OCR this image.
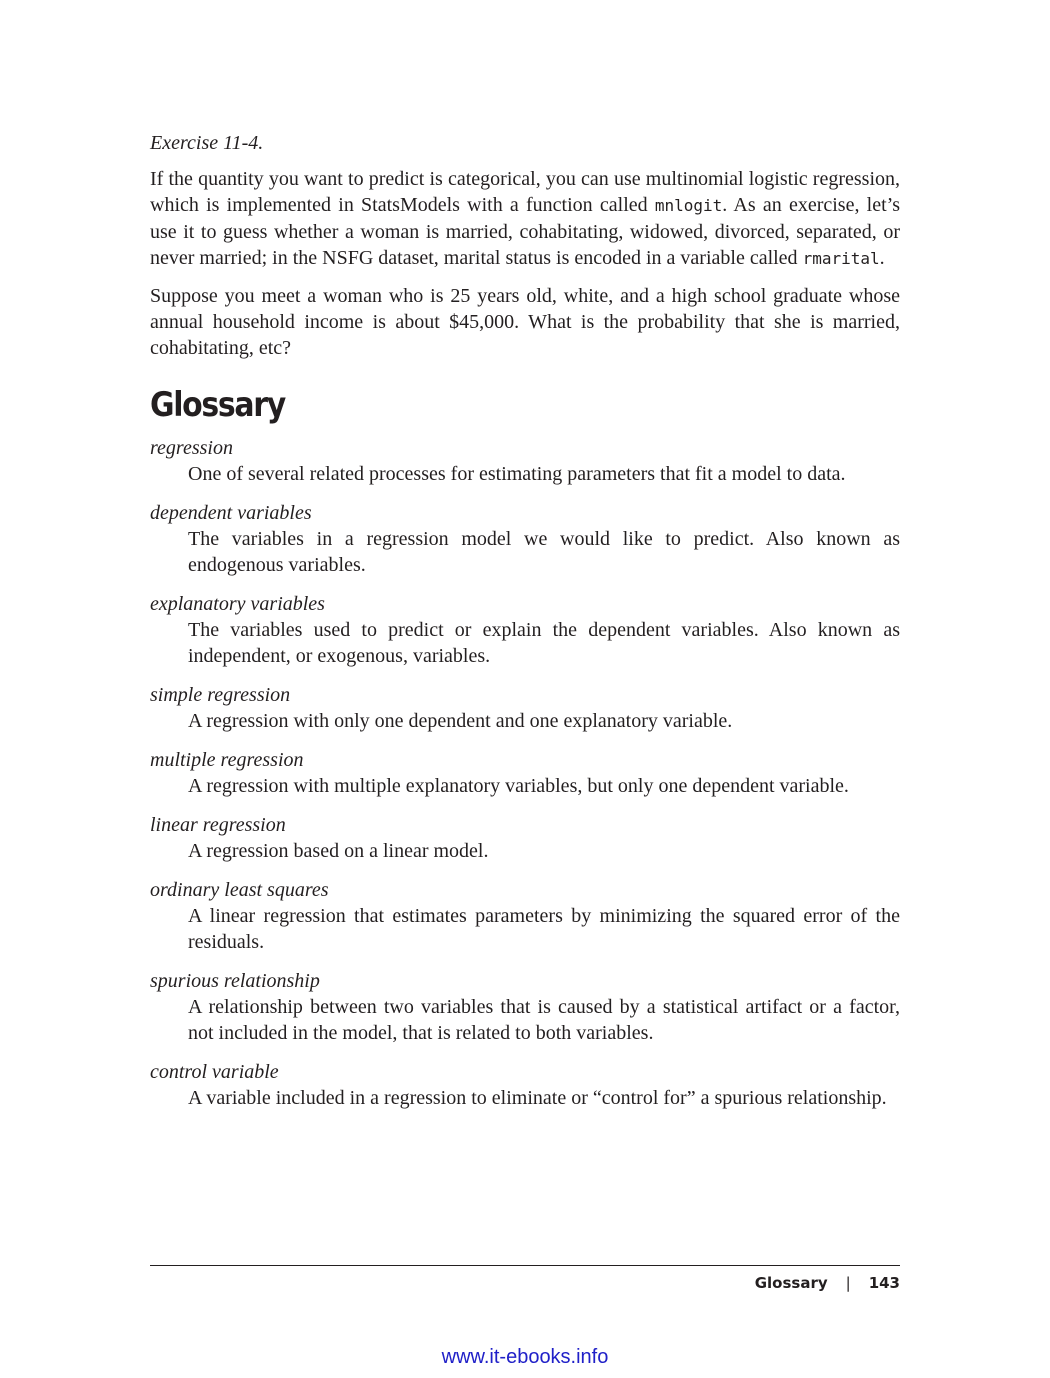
Exercise 11-4.

If the quantity you want to predict is categorical, you can use multinomial logistic regression, which is implemented in StatsModels with a function called mnlogit. As an exercise, let’s use it to guess whether a woman is married, cohabitating, widowed, divorced, separated, or never married; in the NSFG dataset, marital status is encoded in a variable called rmarital.

Suppose you meet a woman who is 25 years old, white, and a high school graduate whose annual household income is about $45,000. What is the probability that she is married, cohabitating, etc?

Glossary

regression

One of several related processes for estimating parameters that fit a model to data.

dependent variables

The variables in a regression model we would like to predict. Also known as endogenous variables.

explanatory variables

The variables used to predict or explain the dependent variables. Also known as independent, or exogenous, variables.

simple regression

A regression with only one dependent and one explanatory variable.

multiple regression

A regression with multiple explanatory variables, but only one dependent variable.

linear regression

A regression based on a linear model.

ordinary least squares

A linear regression that estimates parameters by minimizing the squared error of the residuals.

spurious relationship

A relationship between two variables that is caused by a statistical artifact or a factor, not included in the model, that is related to both variables.

control variable

A variable included in a regression to eliminate or “control for” a spurious relationship.

Glossary | 143
www.it-ebooks.info
